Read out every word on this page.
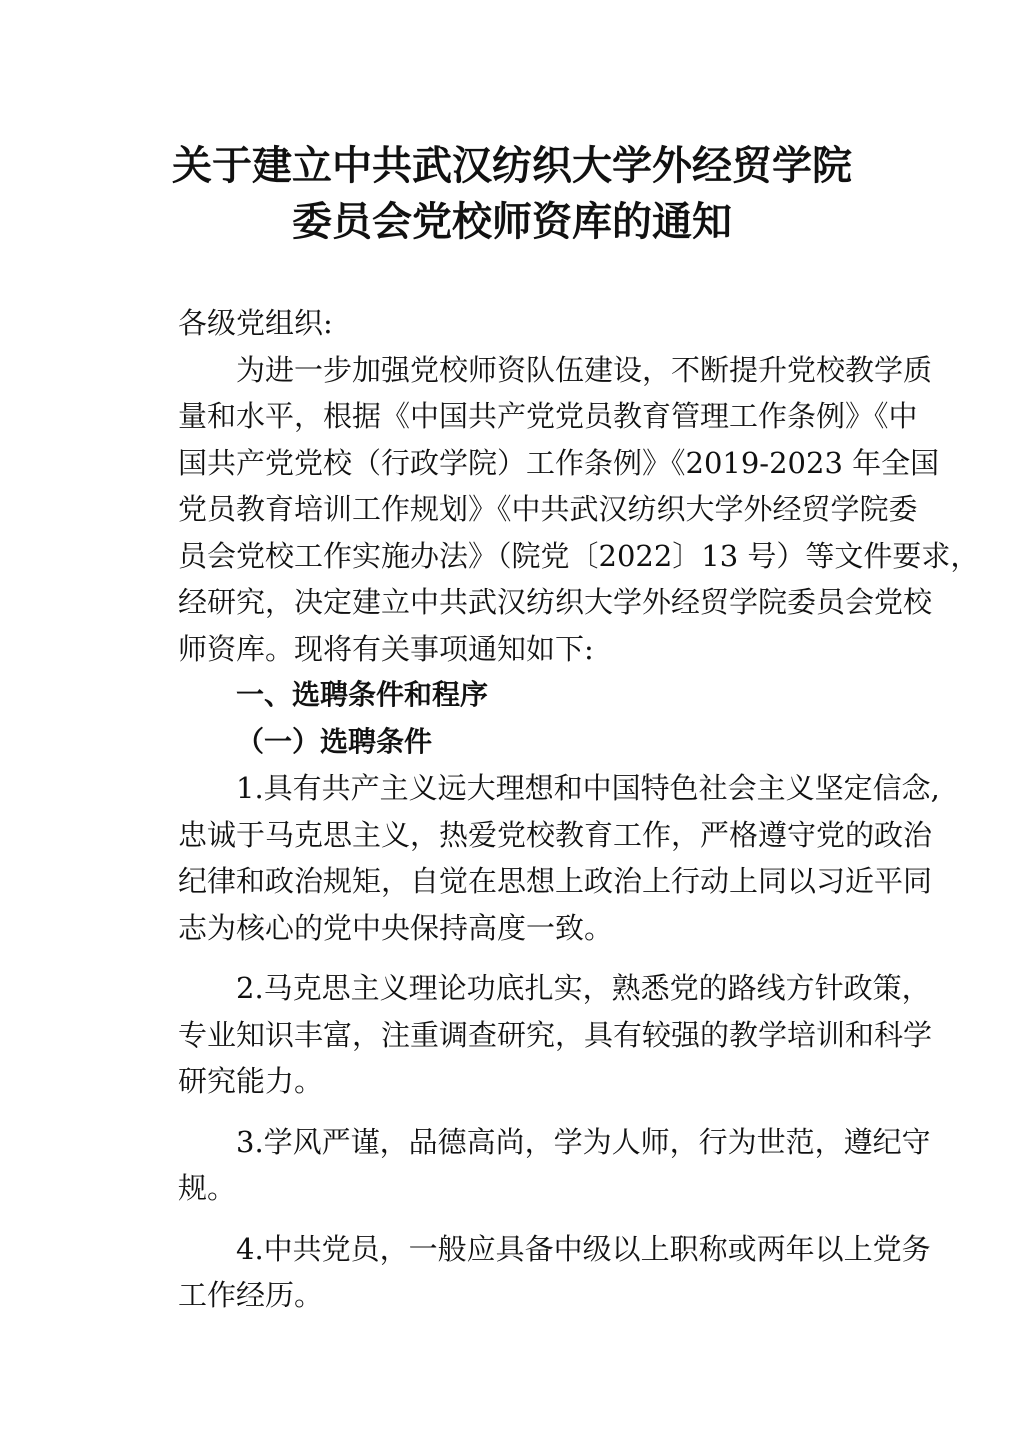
关于建立中共武汉纺织大学外经贸学院
委员会党校师资库的通知
各级党组织:
为进一步加强党校师资队伍建设，不断提升党校教学质
量和水平，根据《中国共产党党员教育管理工作条例》《中
国共产党党校（行政学院）工作条例》《2019-2023 年全国
党员教育培训工作规划》《中共武汉纺织大学外经贸学院委
员会党校工作实施办法》（院党〔2022〕13 号）等文件要求，
经研究，决定建立中共武汉纺织大学外经贸学院委员会党校
师资库。现将有关事项通知如下:
一、选聘条件和程序
（一）选聘条件
1.具有共产主义远大理想和中国特色社会主义坚定信念,
忠诚于马克思主义，热爱党校教育工作，严格遵守党的政治
纪律和政治规矩，自觉在思想上政治上行动上同以习近平同
志为核心的党中央保持高度一致。
2.马克思主义理论功底扎实，熟悉党的路线方针政策，
专业知识丰富，注重调查研究，具有较强的教学培训和科学
研究能力。
3.学风严谨，品德高尚，学为人师，行为世范，遵纪守
规。
4.中共党员，一般应具备中级以上职称或两年以上党务
工作经历。
